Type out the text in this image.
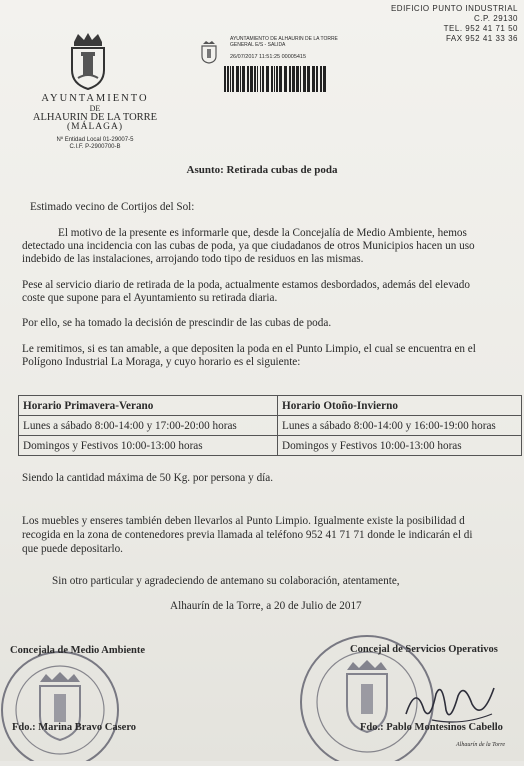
EDIFICIO PUNTO INDUSTRIAL
C.P. 29130
TEL. 952 41 71 50
FAX 952 41 33 36
AYUNTAMIENTO
DE
ALHAURIN DE LA TORRE
(MÁLAGA)
Nº Entidad Local 01-29007-5
C.I.F. P-2900700-B
AYUNTAMIENTO DE ALHAURIN DE LA TORRE
GENERAL E/S - SALIDA
26/07/2017 11:51:25 00005415
Asunto: Retirada cubas de poda
Estimado vecino de Cortijos del Sol:
El motivo de la presente es informarle que, desde la Concejalía de Medio Ambiente, hemos
detectado una incidencia con las cubas de poda, ya que ciudadanos de otros Municipios hacen un uso
indebido de las instalaciones, arrojando todo tipo de residuos en las mismas.
Pese al servicio diario de retirada de la poda, actualmente estamos desbordados, además del elevado
coste que supone para el Ayuntamiento su retirada diaria.
Por ello, se ha tomado la decisión de prescindir de las cubas de poda.
Le remitimos, si es tan amable, a que depositen la poda en el Punto Limpio, el cual se encuentra en el
Polígono Industrial La Moraga, y cuyo horario es el siguiente:
Horario Primavera-Verano	Horario Otoño-Invierno
Lunes a sábado 8:00-14:00 y 17:00-20:00 horas	Lunes a sábado 8:00-14:00 y 16:00-19:00 horas
Domingos y Festivos 10:00-13:00 horas	Domingos y Festivos 10:00-13:00 horas
Siendo la cantidad máxima de 50 Kg. por persona y día.
Los muebles y enseres también deben llevarlos al Punto Limpio. Igualmente existe la posibilidad d
recogida en la zona de contenedores previa llamada al teléfono 952 41 71 71 donde le indicarán el di
que puede depositarlo.
Sin otro particular y agradeciendo de antemano su colaboración, atentamente,
Alhaurín de la Torre, a 20 de Julio de 2017
Concejala de Medio Ambiente	Concejal de Servicios Operativos
Fdo.: Marina Bravo Casero	Fdo.: Pablo Montesinos Cabello
Alhaurín de la Torre
